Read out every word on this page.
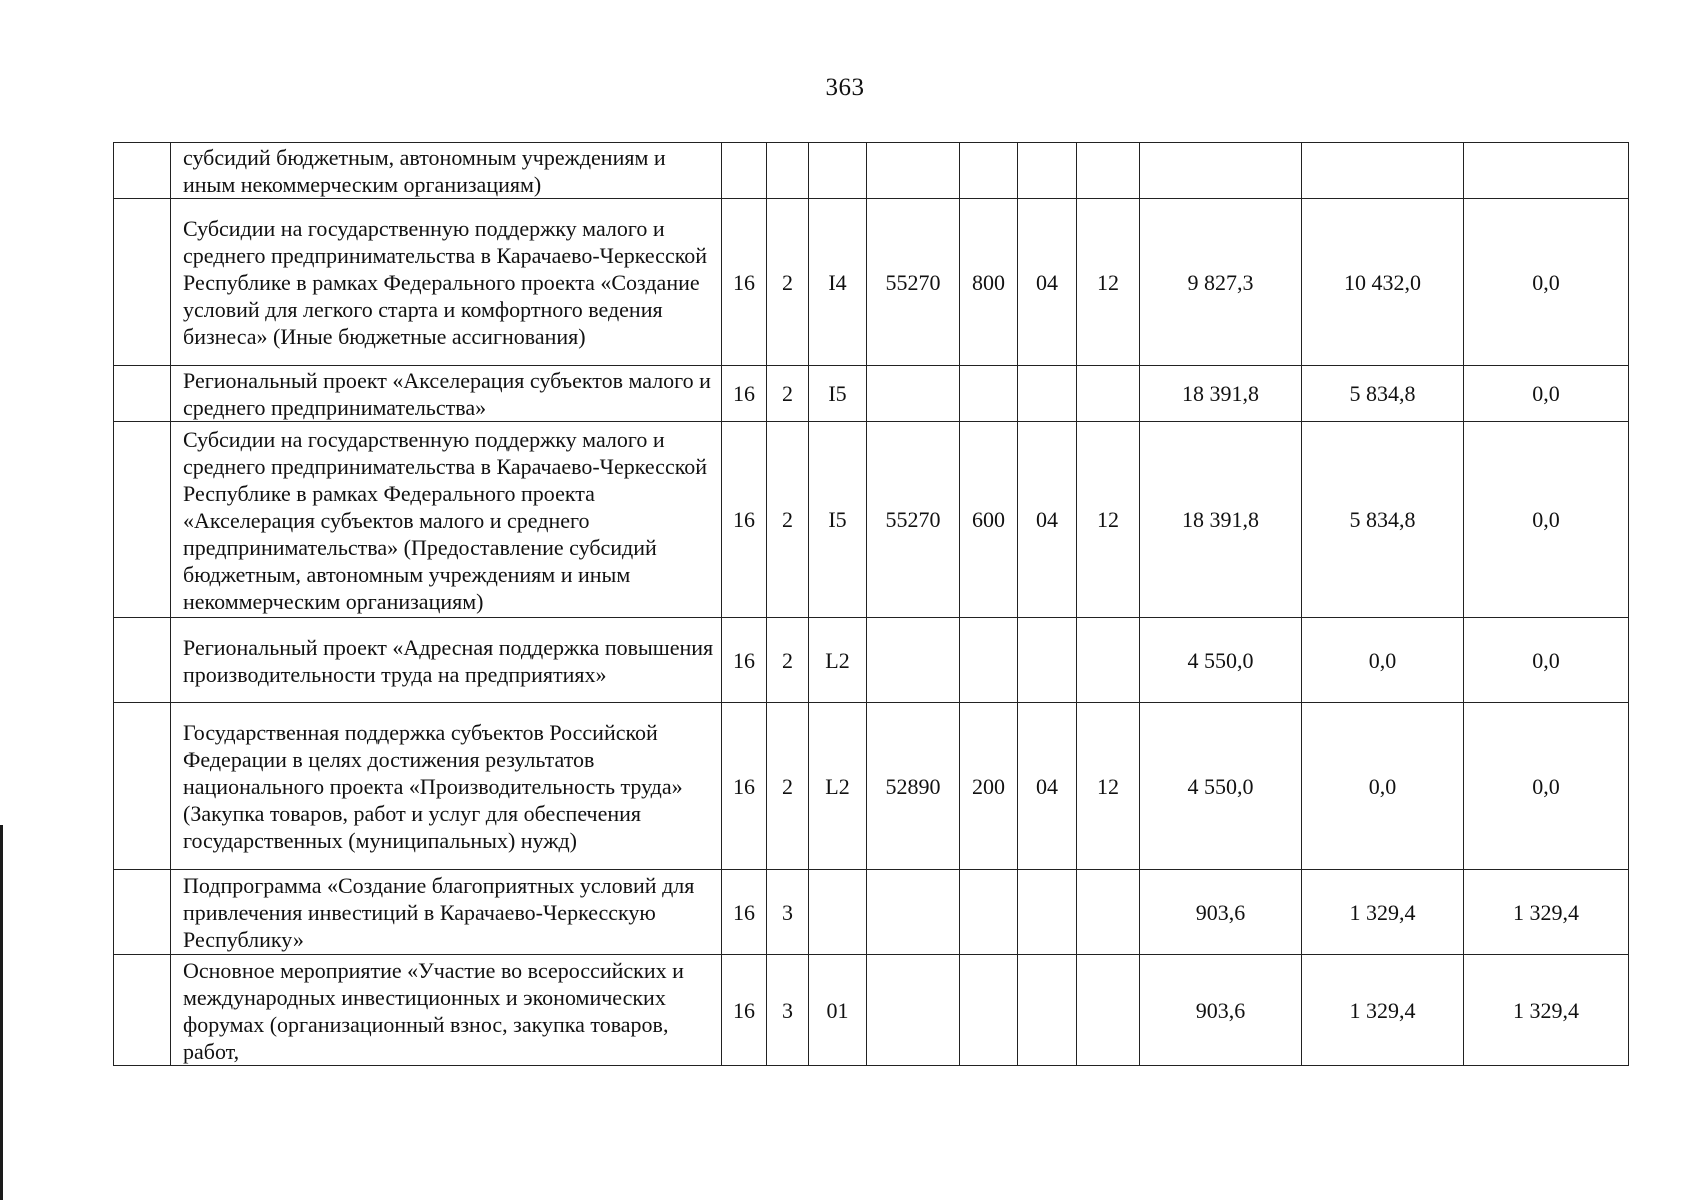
363
	субсидий бюджетным, автономным учреждениям и иным некоммерческим организациям)										
	Субсидии на государственную поддержку малого и среднего предпринимательства в Карачаево-Черкесской Республике в рамках Федерального проекта «Создание условий для легкого старта и комфортного ведения бизнеса» (Иные бюджетные ассигнования)	16	2	I4	55270	800	04	12	9 827,3	10 432,0	0,0
	Региональный проект «Акселерация субъектов малого и среднего предпринимательства»	16	2	I5					18 391,8	5 834,8	0,0
	Субсидии на государственную поддержку малого и среднего предпринимательства в Карачаево-Черкесской Республике в рамках Федерального проекта «Акселерация субъектов малого и среднего предпринимательства» (Предоставление субсидий бюджетным, автономным учреждениям и иным некоммерческим организациям)	16	2	I5	55270	600	04	12	18 391,8	5 834,8	0,0
	Региональный проект «Адресная поддержка повышения производительности труда на предприятиях»	16	2	L2					4 550,0	0,0	0,0
	Государственная поддержка субъектов Российской Федерации в целях достижения результатов национального проекта «Производительность труда» (Закупка товаров, работ и услуг для обеспечения государственных (муниципальных) нужд)	16	2	L2	52890	200	04	12	4 550,0	0,0	0,0
	Подпрограмма «Создание благоприятных условий для привлечения инвестиций в Карачаево-Черкесскую Республику»	16	3						903,6	1 329,4	1 329,4
	Основное мероприятие «Участие во всероссийских и международных инвестиционных и экономических форумах (организационный взнос, закупка товаров, работ,	16	3	01					903,6	1 329,4	1 329,4
